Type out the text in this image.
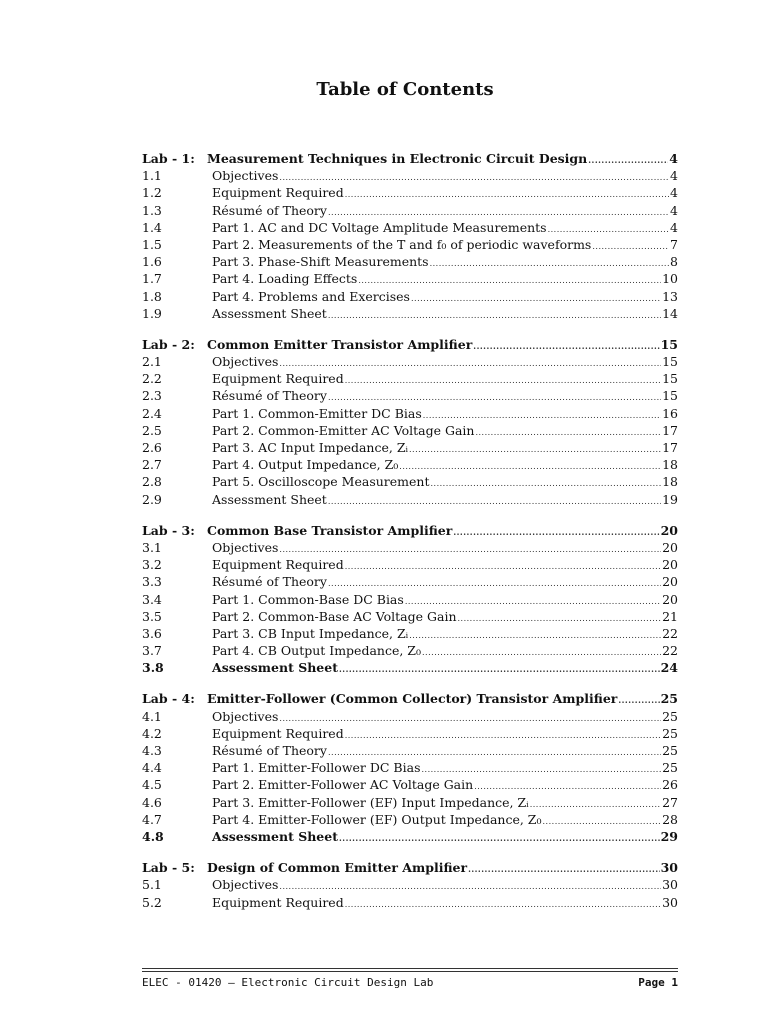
Table of Contents
Lab - 1: Measurement Techniques in Electronic Circuit Design .....	4
1.1	Objectives .....	4
1.2	Equipment Required .....	4
1.3	Résumé of Theory .....	4
1.4	Part 1. AC and DC Voltage Amplitude Measurements .....	4
1.5	Part 2. Measurements of the T and f₀ of periodic waveforms .....	7
1.6	Part 3. Phase-Shift Measurements .....	8
1.7	Part 4. Loading Effects .....	10
1.8	Part 4. Problems and Exercises .....	13
1.9	Assessment Sheet .....	14
Lab - 2: Common Emitter Transistor Amplifier .....	15
2.1	Objectives .....	15
2.2	Equipment Required .....	15
2.3	Résumé of Theory .....	15
2.4	Part 1. Common-Emitter DC Bias .....	16
2.5	Part 2. Common-Emitter AC Voltage Gain .....	17
2.6	Part 3. AC Input Impedance, Zᵢ .....	17
2.7	Part 4. Output Impedance, Z₀ .....	18
2.8	Part 5. Oscilloscope Measurement .....	18
2.9	Assessment Sheet .....	19
Lab - 3: Common Base Transistor Amplifier .....	20
3.1	Objectives .....	20
3.2	Equipment Required .....	20
3.3	Résumé of Theory .....	20
3.4	Part 1. Common-Base DC Bias .....	20
3.5	Part 2. Common-Base AC Voltage Gain .....	21
3.6	Part 3. CB Input Impedance, Zᵢ .....	22
3.7	Part 4. CB Output Impedance, Z₀ .....	22
3.8	Assessment Sheet .....	24
Lab - 4: Emitter-Follower (Common Collector) Transistor Amplifier .....	25
4.1	Objectives .....	25
4.2	Equipment Required .....	25
4.3	Résumé of Theory .....	25
4.4	Part 1. Emitter-Follower DC Bias .....	25
4.5	Part 2. Emitter-Follower AC Voltage Gain .....	26
4.6	Part 3. Emitter-Follower (EF) Input Impedance, Zᵢ .....	27
4.7	Part 4. Emitter-Follower (EF) Output Impedance, Z₀ .....	28
4.8	Assessment Sheet .....	29
Lab - 5: Design of Common Emitter Amplifier .....	30
5.1	Objectives .....	30
5.2	Equipment Required .....	30
ELEC - 01420 – Electronic Circuit Design Lab	Page 1
